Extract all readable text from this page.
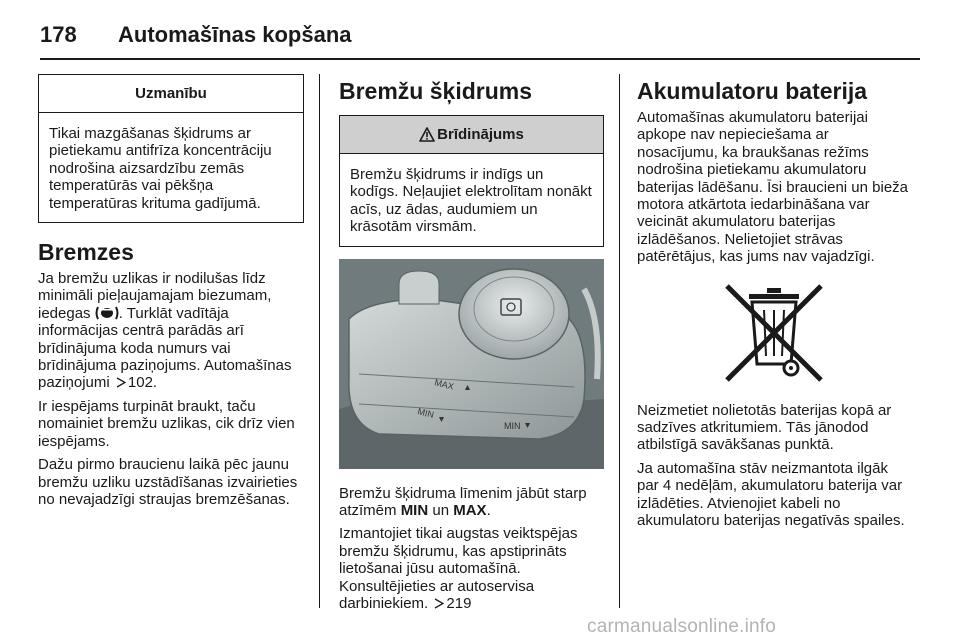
178 Automašīnas kopšana
Uzmanību
Tikai mazgāšanas šķidrums ar pietiekamu antifrīza koncentrāciju nodrošina aizsardzību zemās temperatūrās vai pēkšņa temperatūras krituma gadījumā.
Bremzes

Ja bremžu uzlikas ir nodilušas līdz minimāli pieļaujamajam biezumam, iedegas . Turklāt vadītāja informācijas centrā parādās arī brīdinājuma koda numurs vai brīdinājuma paziņojums. Automašīnas paziņojumi 102.

Ir iespējams turpināt braukt, taču nomainiet bremžu uzlikas, cik drīz vien iespējams.

Dažu pirmo braucienu laikā pēc jaunu bremžu uzliku uzstādīšanas izvairieties no nevajadzīgi straujas bremzēšanas.

Bremžu šķidrums
Brīdinājums
Bremžu šķidrums ir indīgs un kodīgs. Neļaujiet elektrolītam nonākt acīs, uz ādas, audumiem un krāsotām virsmām.
MAX
MIN
MIN

Bremžu šķidruma līmenim jābūt starp atzīmēm MIN un MAX.

Izmantojiet tikai augstas veiktspējas bremžu šķidrumu, kas apstiprināts lietošanai jūsu automašīnā. Konsultējieties ar autoservisa darbiniekiem. 219

Akumulatoru baterija

Automašīnas akumulatoru baterijai apkope nav nepieciešama ar nosacījumu, ka braukšanas režīms nodrošina pietiekamu akumulatoru baterijas lādēšanu. Īsi braucieni un bieža motora atkārtota iedarbināšana var veicināt akumulatoru baterijas izlādēšanos. Nelietojiet strāvas patērētājus, kas jums nav vajadzīgi.

Neizmetiet nolietotās baterijas kopā ar sadzīves atkritumiem. Tās jānodod atbilstīgā savākšanas punktā.

Ja automašīna stāv neizmantota ilgāk par 4 nedēļām, akumulatoru baterija var izlādēties. Atvienojiet kabeli no akumulatoru baterijas negatīvās spailes.

carmanualsonline.info
